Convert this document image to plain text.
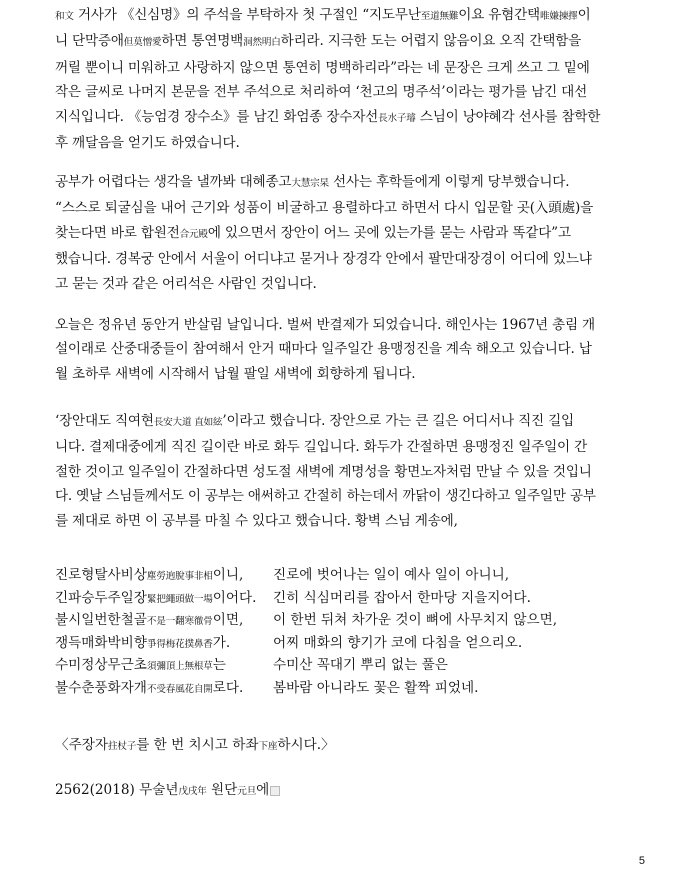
和文 거사가 《신심명》의 주석을 부탁하자 첫 구절인 “지도무난至道無難이요 유혐간택唯嫌揀擇이
니 단막증애但莫憎愛하면 통연명백洞然明白하리라. 지극한 도는 어렵지 않음이요 오직 간택함을
꺼릴 뿐이니 미워하고 사랑하지 않으면 통연히 명백하리라”라는 네 문장은 크게 쓰고 그 밑에
작은 글씨로 나머지 본문을 전부 주석으로 처리하여 ‘천고의 명주석’이라는 평가를 남긴 대선
지식입니다. 《능엄경 장수소》를 남긴 화엄종 장수자선長水子璿 스님이 낭야혜각 선사를 참학한
후 깨달음을 얻기도 하였습니다.
공부가 어렵다는 생각을 낼까봐 대혜종고大慧宗杲 선사는 후학들에게 이렇게 당부했습니다.
“스스로 퇴굴심을 내어 근기와 성품이 비굴하고 용렬하다고 하면서 다시 입문할 곳(入頭處)을
찾는다면 바로 합원전合元殿에 있으면서 장안이 어느 곳에 있는가를 묻는 사람과 똑같다”고
했습니다. 경복궁 안에서 서울이 어디냐고 묻거나 장경각 안에서 팔만대장경이 어디에 있느냐
고 묻는 것과 같은 어리석은 사람인 것입니다.
오늘은 정유년 동안거 반살림 날입니다. 벌써 반결제가 되었습니다. 해인사는 1967년 총림 개
설이래로 산중대중들이 참여해서 안거 때마다 일주일간 용맹정진을 계속 해오고 있습니다. 납
월 초하루 새벽에 시작해서 납월 팔일 새벽에 회향하게 됩니다.
‘장안대도 직여현長安大道 直如絃’이라고 했습니다. 장안으로 가는 큰 길은 어디서나 직진 길입
니다. 결제대중에게 직진 길이란 바로 화두 길입니다. 화두가 간절하면 용맹정진 일주일이 간
절한 것이고 일주일이 간절하다면 성도절 새벽에 계명성을 황면노자처럼 만날 수 있을 것입니
다. 옛날 스님들께서도 이 공부는 애써하고 간절히 하는데서 까닭이 생긴다하고 일주일만 공부
를 제대로 하면 이 공부를 마칠 수 있다고 했습니다. 황벽 스님 게송에,
진로형탈사비상塵勞逈脫事非相이니, 진로에 벗어나는 일이 예사 일이 아니니,
긴파승두주일장緊把繩頭做一場이어다. 긴히 식심머리를 잡아서 한마당 지을지어다.
불시일번한철골不是一翻寒徹骨이면, 이 한번 뒤쳐 차가운 것이 뼈에 사무치지 않으면,
쟁득매화박비향爭得梅花撲鼻香가.	어찌 매화의 향기가 코에 다침을 얻으리오.
수미정상무근초須彌頂上無根草는	수미산 꼭대기 뿌리 없는 풀은
불수춘풍화자개不受春風花自開로다. 봄바람 아니라도 꽃은 활짝 피었네.
〈주장자拄杖子를 한 번 치시고 하좌下座하시다.〉
2562(2018) 무술년戊戌年 원단元旦에
5
